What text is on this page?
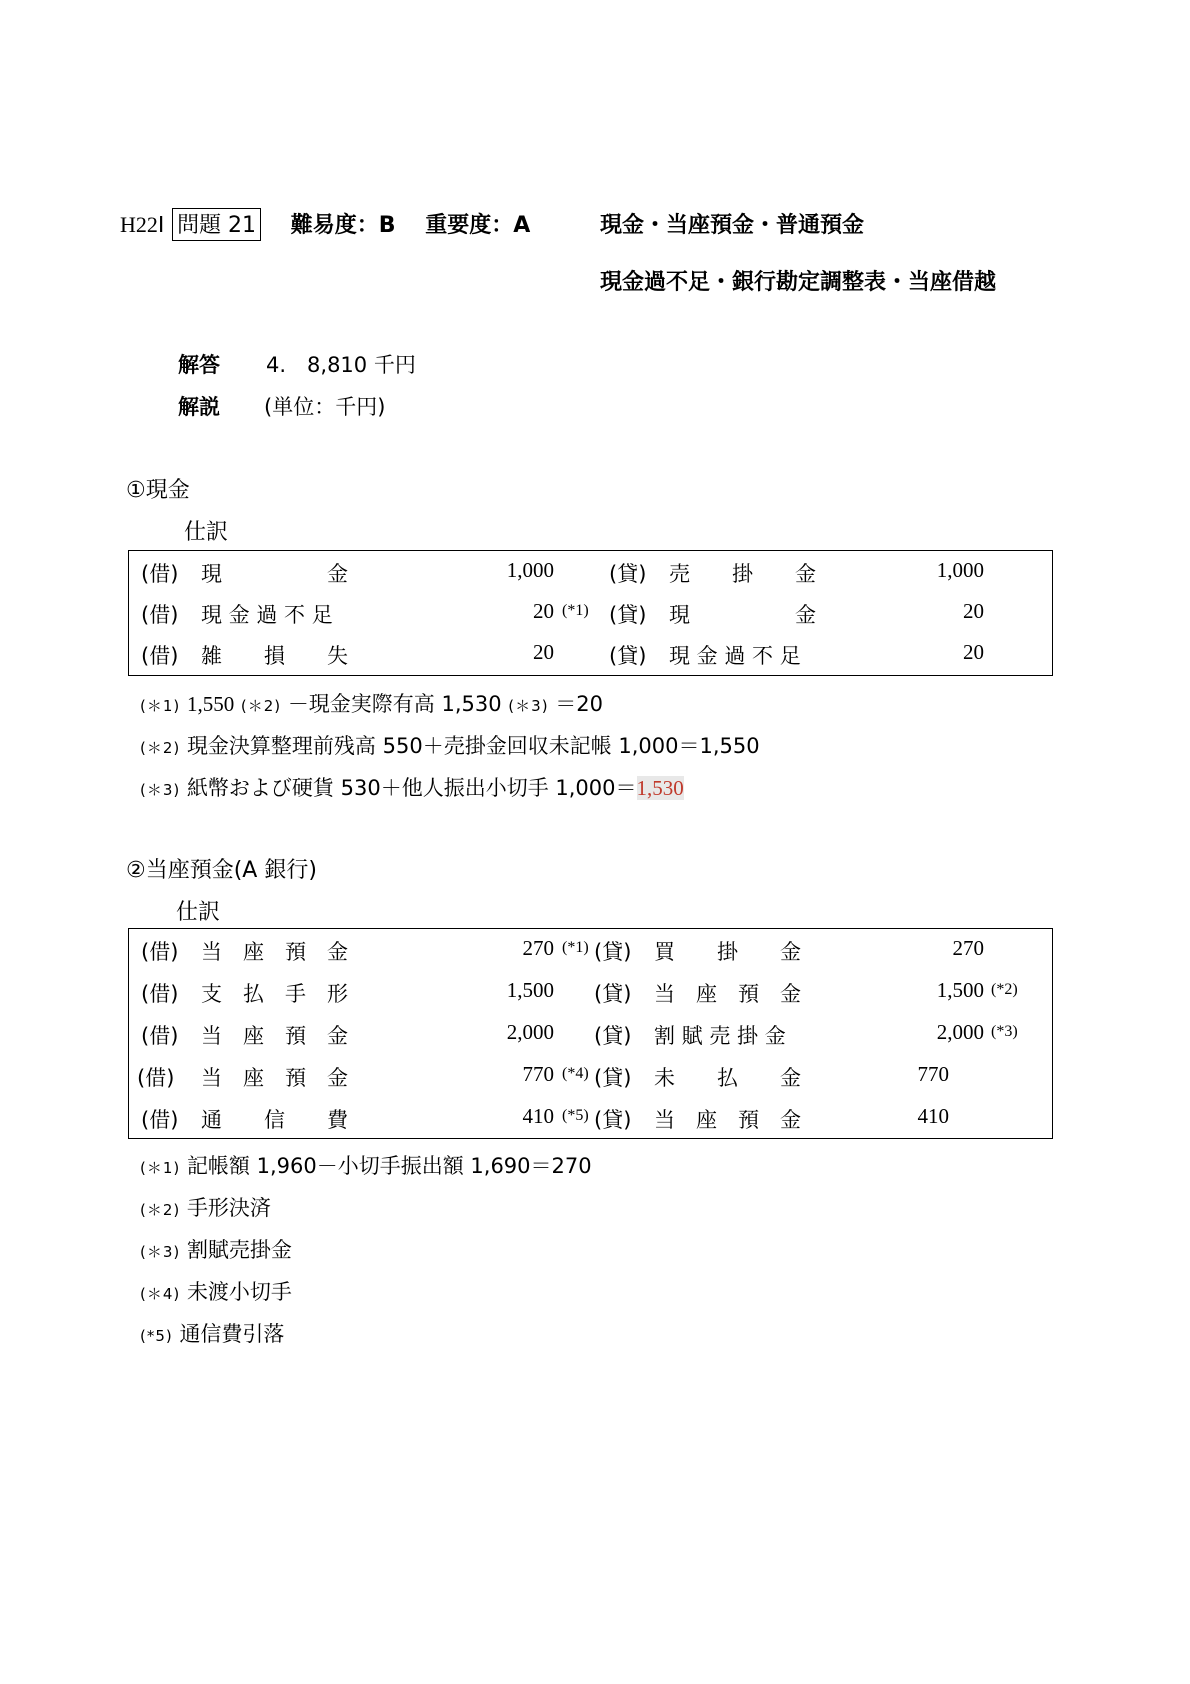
H22Ⅰ 問題 21 難易度：B 重要度：A	現金・当座預金・普通預金
現金過不足・銀行勘定調整表・当座借越
解答 4.　8,810 千円
解説 (単位：千円)
①現金
仕訳
(借) 現　　　　　金	1,000	(貸) 売　　掛　　金	1,000
(借) 現 金 過 不 足	20 (*1) (貸) 現　　　　　金	20
(借) 雑　　損　　失	20	(貸) 現 金 過 不 足	20
(＊1) 1,550 (＊2) －現金実際有高 1,530 (＊3) ＝20
(＊2) 現金決算整理前残高 550＋売掛金回収未記帳 1,000＝1,550
(＊3) 紙幣および硬貨 530＋他人振出小切手 1,000＝1,530
②当座預金(A 銀行)
仕訳
(借) 当　座　預　金	270 (*1) (貸) 買　　掛　　金	270
(借) 支　払　手　形	1,500 (貸) 当　座　預　金	1,500 (*2)
(借) 当　座　預　金	2,000 (貸) 割 賦 売 掛 金	2,000 (*3)
(借) 当　座　預　金	770 (*4) (貸) 未　　払　　金	770
(借) 通　　信　　費	410 (*5) (貸) 当　座　預　金	410
(＊1) 記帳額 1,960－小切手振出額 1,690＝270
(＊2) 手形決済
(＊3) 割賦売掛金
(＊4) 未渡小切手
(*5) 通信費引落
